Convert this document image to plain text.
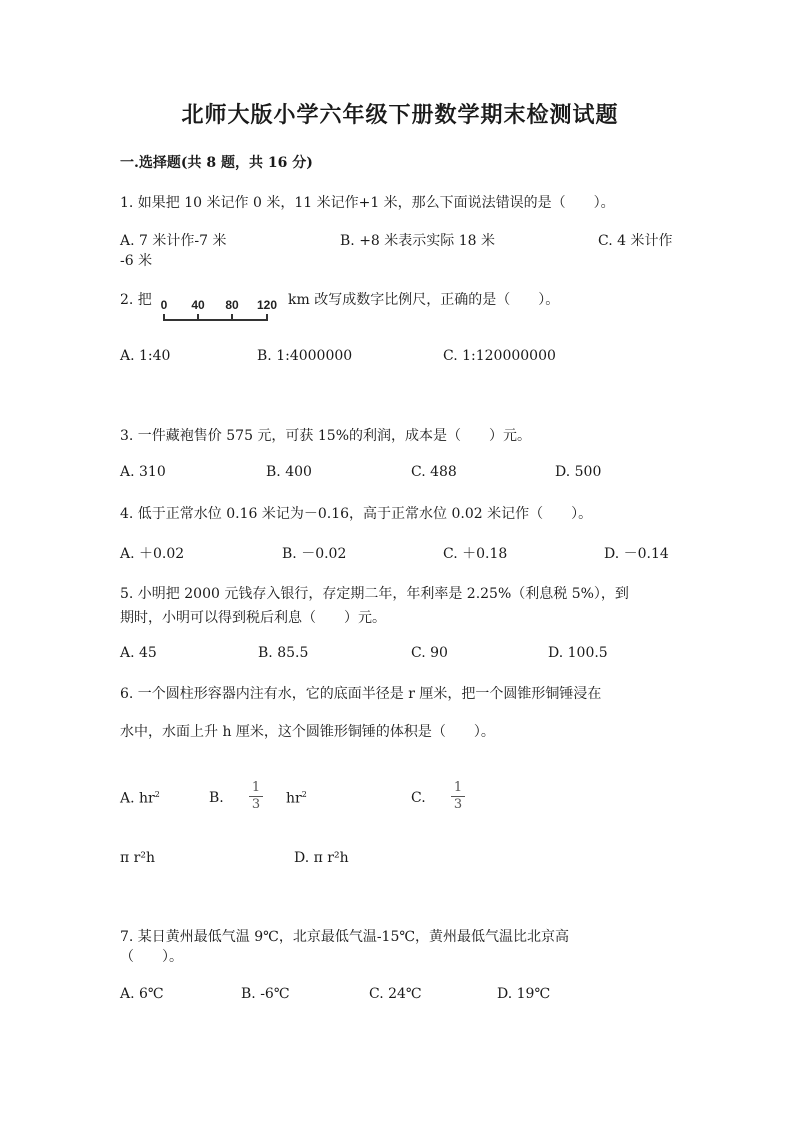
北师大版小学六年级下册数学期末检测试题
一.选择题(共 8 题，共 16 分)
1. 如果把 10 米记作 0 米，11 米记作+1 米，那么下面说法错误的是（　　）。
A. 7 米计作-7 米	B. +8 米表示实际 18 米	C. 4 米计作
-6 米
2. 把 0 40 80 120 km 改写成数字比例尺，正确的是（　　）。
A. 1:40	B. 1:4000000	C. 1:120000000
3. 一件藏袍售价 575 元，可获 15%的利润，成本是（　　）元。
A. 310	B. 400	C. 488	D. 500
4. 低于正常水位 0.16 米记为－0.16，高于正常水位 0.02 米记作（　　）。
A. ＋0.02	B. －0.02	C. ＋0.18	D. －0.14
5. 小明把 2000 元钱存入银行，存定期二年，年利率是 2.25%（利息税 5%），到
期时，小明可以得到税后利息（　　）元。
A. 45	B. 85.5	C. 90	D. 100.5
6. 一个圆柱形容器内注有水，它的底面半径是 r 厘米，把一个圆锥形铜锤浸在
水中，水面上升 h 厘米，这个圆锥形铜锤的体积是（　　）。
A. $hr^2$	B.
1
3 $hr^2$	C.
1
3
π r²h	D. π r²h
7. 某日黄州最低气温 9℃，北京最低气温-15℃，黄州最低气温比北京高
（　　）。
A. 6℃	B. -6℃	C. 24℃	D. 19℃
